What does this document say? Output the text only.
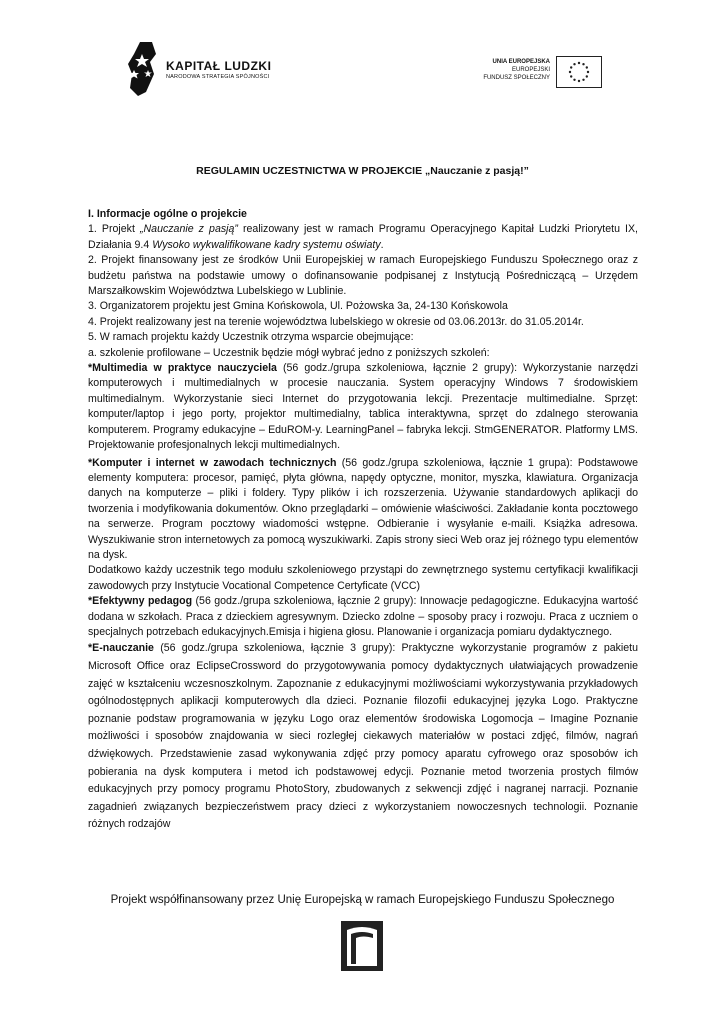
KAPITAŁ LUDZKI
NARODOWA STRATEGIA SPÓJNOŚCI
UNIA EUROPEJSKA
EUROPEJSKI
FUNDUSZ SPOŁECZNY
REGULAMIN UCZESTNICTWA W PROJEKCIE „Nauczanie z pasją!”

I. Informacje ogólne o projekcie

1. Projekt „Nauczanie z pasją” realizowany jest w ramach Programu Operacyjnego Kapitał Ludzki Priorytetu IX, Działania 9.4 Wysoko wykwalifikowane kadry systemu oświaty.

2. Projekt finansowany jest ze środków Unii Europejskiej w ramach Europejskiego Funduszu Społecznego oraz z budżetu państwa na podstawie umowy o dofinansowanie podpisanej z Instytucją Pośredniczącą – Urzędem Marszałkowskim Województwa Lubelskiego w Lublinie.

3. Organizatorem projektu jest Gmina Końskowola, Ul. Pożowska 3a, 24-130 Końskowola

4. Projekt realizowany jest na terenie województwa lubelskiego w okresie od 03.06.2013r. do 31.05.2014r.

5. W ramach projektu każdy Uczestnik otrzyma wsparcie obejmujące:

a. szkolenie profilowane – Uczestnik będzie mógł wybrać jedno z poniższych szkoleń:

*Multimedia w praktyce nauczyciela (56 godz./grupa szkoleniowa, łącznie 2 grupy): Wykorzystanie narzędzi komputerowych i multimedialnych w procesie nauczania. System operacyjny Windows 7 środowiskiem multimedialnym. Wykorzystanie sieci Internet do przygotowania lekcji. Prezentacje multimedialne. Sprzęt: komputer/laptop i jego porty, projektor multimedialny, tablica interaktywna, sprzęt do zdalnego sterowania komputerem. Programy edukacyjne – EduROM-y. LearningPanel – fabryka lekcji. StmGENERATOR. Platformy LMS. Projektowanie profesjonalnych lekcji multimedialnych.

*Komputer i internet w zawodach technicznych (56 godz./grupa szkoleniowa, łącznie 1 grupa): Podstawowe elementy komputera: procesor, pamięć, płyta główna, napędy optyczne, monitor, myszka, klawiatura. Organizacja danych na komputerze – pliki i foldery. Typy plików i ich rozszerzenia. Używanie standardowych aplikacji do tworzenia i modyfikowania dokumentów. Okno przeglądarki – omówienie właściwości. Zakładanie konta pocztowego na serwerze. Program pocztowy wiadomości wstępne. Odbieranie i wysyłanie e-maili. Książka adresowa. Wyszukiwanie stron internetowych za pomocą wyszukiwarki. Zapis strony sieci Web oraz jej różnego typu elementów na dysk.

Dodatkowo każdy uczestnik tego modułu szkoleniowego przystąpi do zewnętrznego systemu certyfikacji kwalifikacji zawodowych przy Instytucie Vocational Competence Certyficate (VCC)

*Efektywny pedagog (56 godz./grupa szkoleniowa, łącznie 2 grupy): Innowacje pedagogiczne. Edukacyjna wartość dodana w szkołach. Praca z dzieckiem agresywnym. Dziecko zdolne – sposoby pracy i rozwoju. Praca z uczniem o specjalnych potrzebach edukacyjnych.Emisja i higiena głosu. Planowanie i organizacja pomiaru dydaktycznego.

*E-nauczanie (56 godz./grupa szkoleniowa, łącznie 3 grupy): Praktyczne wykorzystanie programów z pakietu Microsoft Office oraz EclipseCrossword do przygotowywania pomocy dydaktycznych ułatwiających prowadzenie zajęć w kształceniu wczesnoszkolnym. Zapoznanie z edukacyjnymi możliwościami wykorzystywania przykładowych ogólnodostępnych aplikacji komputerowych dla dzieci. Poznanie filozofii edukacyjnej języka Logo. Praktyczne poznanie podstaw programowania w języku Logo oraz elementów środowiska Logomocja – Imagine Poznanie możliwości i sposobów znajdowania w sieci rozległej ciekawych materiałów w postaci zdjęć, filmów, nagrań dźwiękowych. Przedstawienie zasad wykonywania zdjęć przy pomocy aparatu cyfrowego oraz sposobów ich pobierania na dysk komputera i metod ich podstawowej edycji. Poznanie metod tworzenia prostych filmów edukacyjnych przy pomocy programu PhotoStory, zbudowanych z sekwencji zdjęć i nagranej narracji. Poznanie zagadnień związanych bezpieczeństwem pracy dzieci z wykorzystaniem nowoczesnych technologii. Poznanie różnych rodzajów

Projekt współfinansowany przez Unię Europejską w ramach Europejskiego Funduszu Społecznego
